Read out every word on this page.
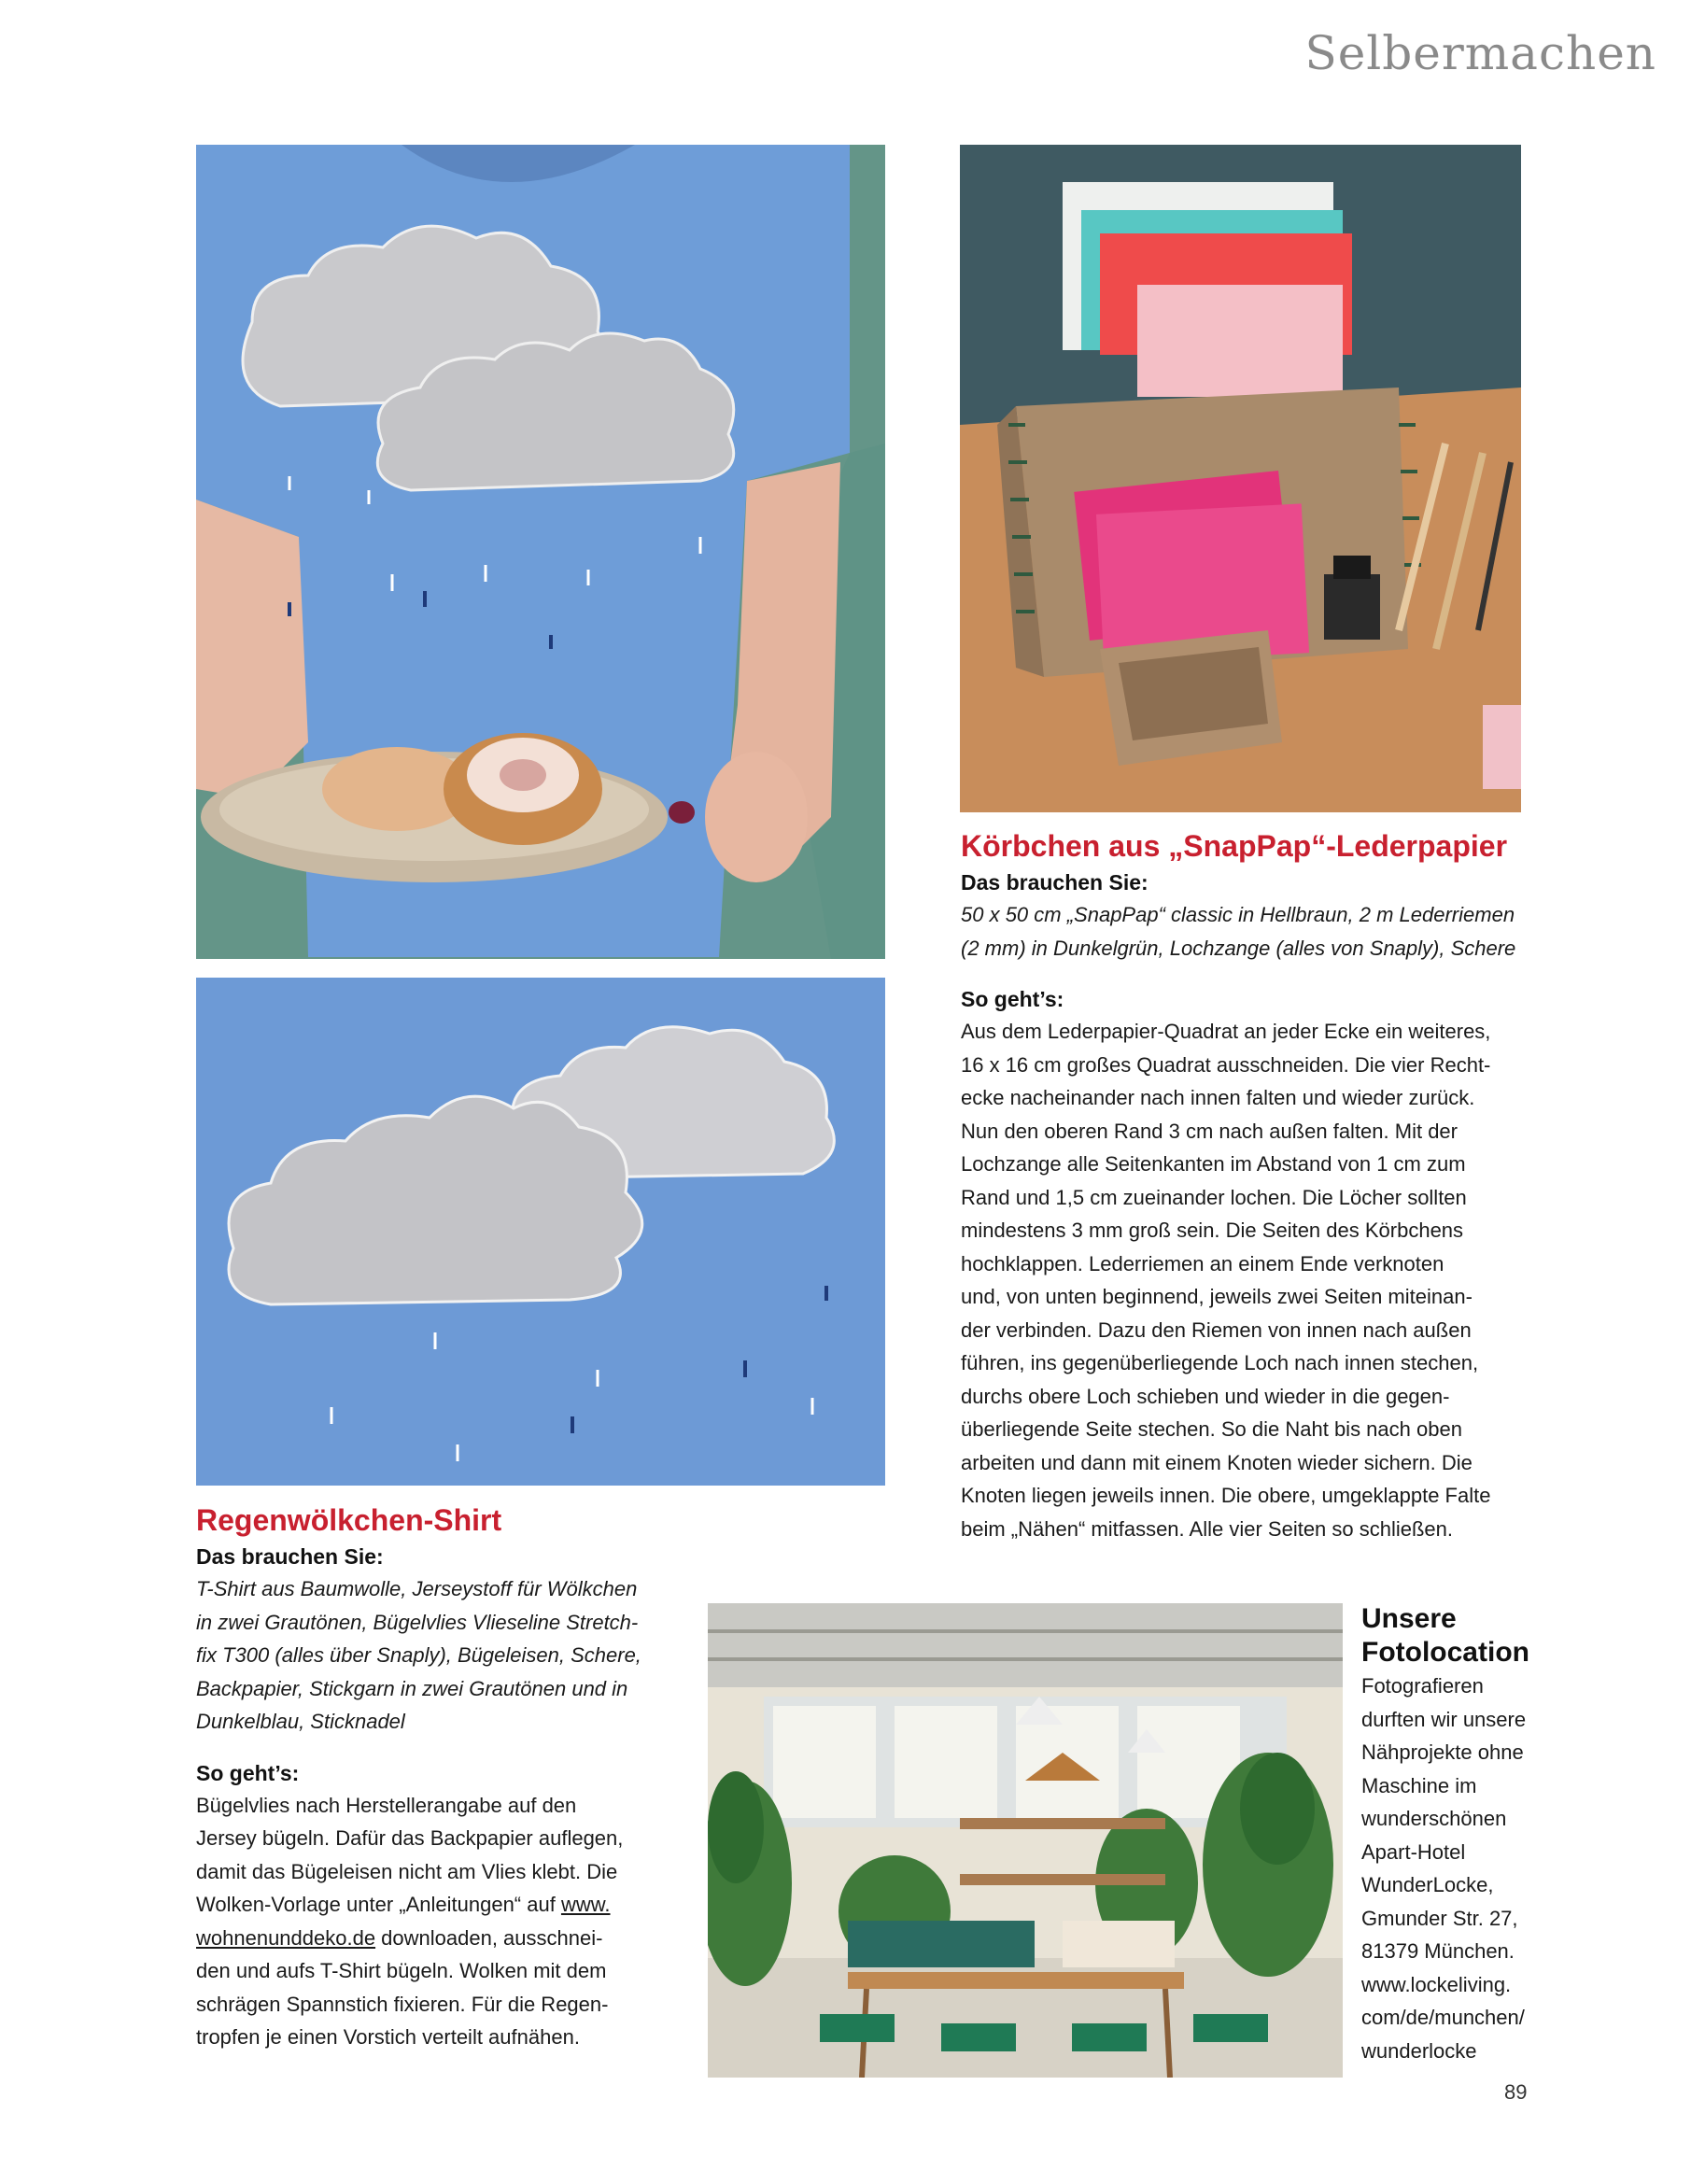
Selbermachen
Körbchen aus „SnapPap“-Lederpapier

Das brauchen Sie:

50 x 50 cm „SnapPap“ classic in Hellbraun, 2 m Lederriemen

(2 mm) in Dunkelgrün, Lochzange (alles von Snaply), Schere

So geht’s:

Aus dem Lederpapier-Quadrat an jeder Ecke ein weiteres,

16 x 16 cm großes Quadrat ausschneiden. Die vier Recht-

ecke nacheinander nach innen falten und wieder zurück.

Nun den oberen Rand 3 cm nach außen falten. Mit der

Lochzange alle Seitenkanten im Abstand von 1 cm zum

Rand und 1,5 cm zueinander lochen. Die Löcher sollten

mindestens 3 mm groß sein. Die Seiten des Körbchens

hochklappen. Lederriemen an einem Ende verknoten

und, von unten beginnend, jeweils zwei Seiten miteinan-

der verbinden. Dazu den Riemen von innen nach außen

führen, ins gegenüberliegende Loch nach innen stechen,

durchs obere Loch schieben und wieder in die gegen-

überliegende Seite stechen. So die Naht bis nach oben

arbeiten und dann mit einem Knoten wieder sichern. Die

Knoten liegen jeweils innen. Die obere, umgeklappte Falte

beim „Nähen“ mitfassen. Alle vier Seiten so schließen.

Regenwölkchen-Shirt

Das brauchen Sie:

T-Shirt aus Baumwolle, Jerseystoff für Wölkchen

in zwei Grautönen, Bügelvlies Vlieseline Stretch-

fix T300 (alles über Snaply), Bügeleisen, Schere,

Backpapier, Stickgarn in zwei Grautönen und in

Dunkelblau, Sticknadel

So geht’s:

Bügelvlies nach Herstellerangabe auf den

Jersey bügeln. Dafür das Backpapier auflegen,

damit das Bügeleisen nicht am Vlies klebt. Die

Wolken-Vorlage unter „Anleitungen“ auf www.

wohnenunddeko.de downloaden, ausschnei-

den und aufs T-Shirt bügeln. Wolken mit dem

schrägen Spannstich fixieren. Für die Regen-

tropfen je einen Vorstich verteilt aufnähen.

Unsere

Fotolocation

Fotografieren

durften wir unsere

Nähprojekte ohne

Maschine im

wunderschönen

Apart-Hotel

WunderLocke,

Gmunder Str. 27,

81379 München.

www.lockeliving.

com/de/munchen/

wunderlocke

89
